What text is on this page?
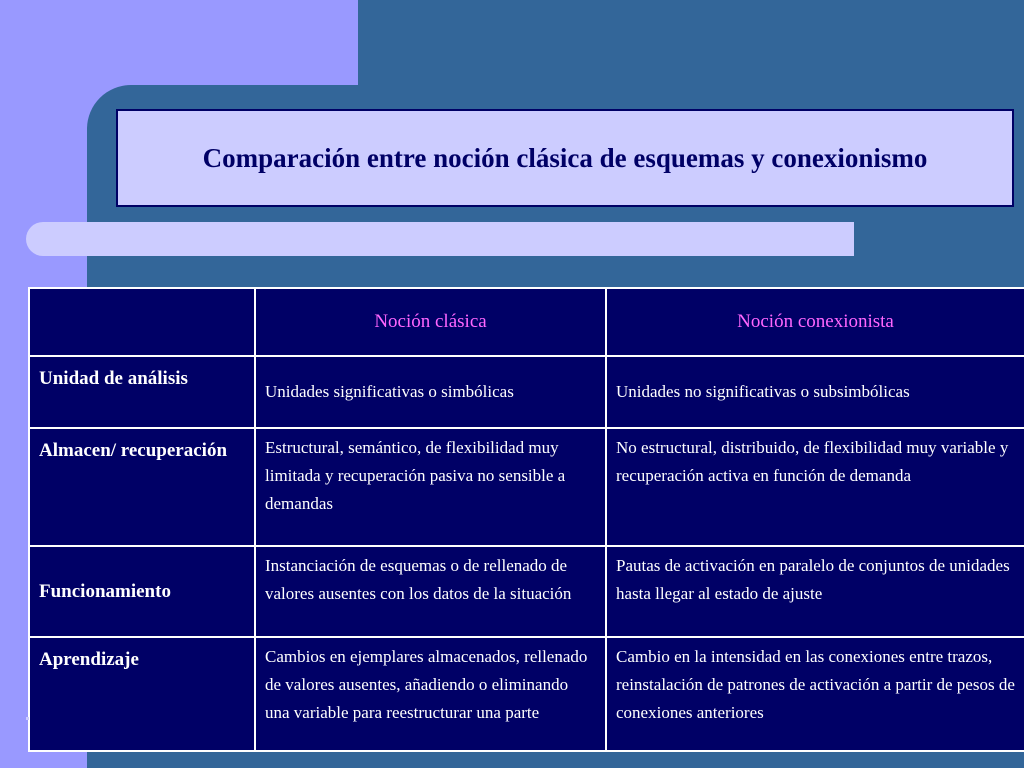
Comparación entre noción clásica de esquemas y conexionismo
	Noción clásica	Noción conexionista
Unidad de análisis	Unidades significativas o simbólicas	Unidades no significativas o subsimbólicas
Almacen/ recuperación	Estructural, semántico, de flexibilidad muy limitada y recuperación pasiva no sensible a demandas	No estructural, distribuido, de flexibilidad muy variable y recuperación activa en función de demanda
Funcionamiento	Instanciación de esquemas o de rellenado de valores ausentes con los datos de la situación	Pautas de activación en paralelo de conjuntos de unidades hasta llegar al estado de ajuste
Aprendizaje	Cambios en ejemplares almacenados, rellenado de valores ausentes, añadiendo o eliminando una variable para reestructurar una parte	Cambio en la intensidad en las conexiones entre trazos, reinstalación de patrones de activación a partir de pesos de conexiones anteriores
